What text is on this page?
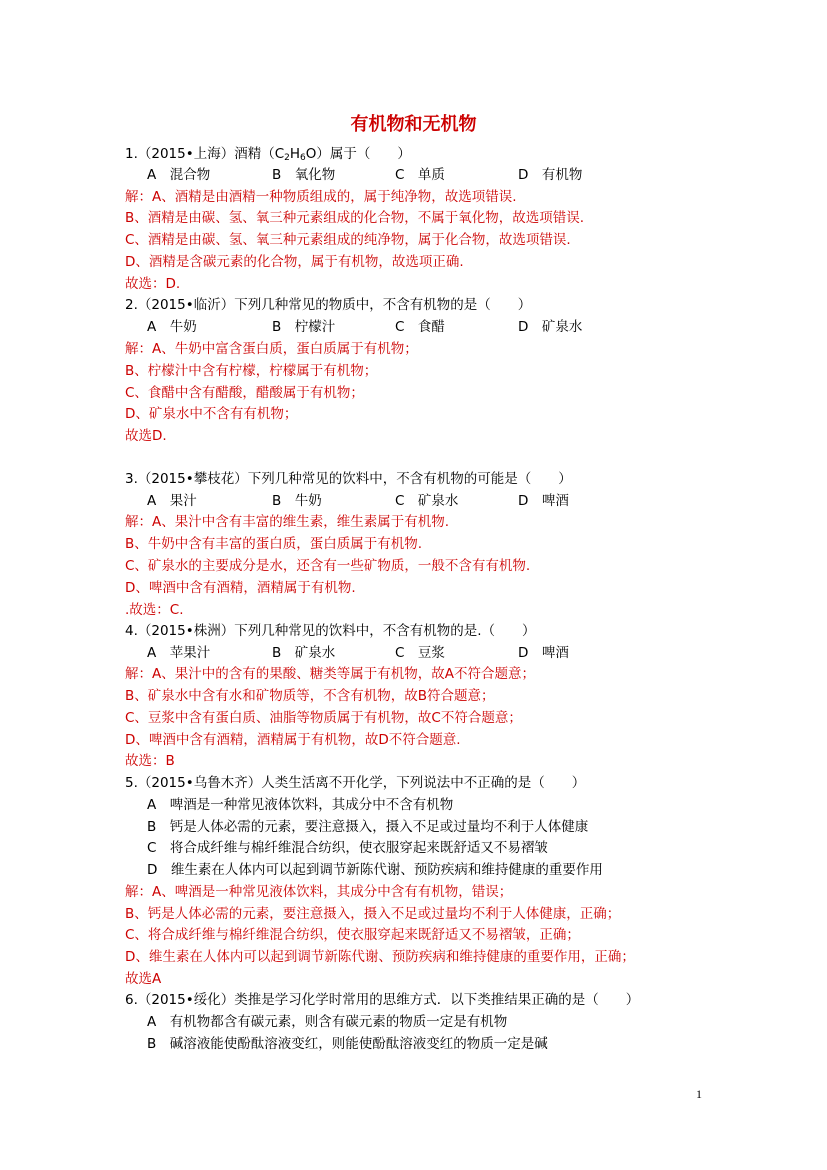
有机物和无机物
1.（2015•上海）酒精$(C_2H_6O)$属于（　　）
A　混合物	B　氧化物	C　单质	D　有机物
解：A、酒精是由酒精一种物质组成的，属于纯净物，故选项错误.
B、酒精是由碳、氢、氧三种元素组成的化合物，不属于氧化物，故选项错误.
C、酒精是由碳、氢、氧三种元素组成的纯净物，属于化合物，故选项错误.
D、酒精是含碳元素的化合物，属于有机物，故选项正确.
故选：D.
2.（2015•临沂）下列几种常见的物质中，不含有机物的是（　　）
A　牛奶	B　柠檬汁	C　食醋	D　矿泉水
解：A、牛奶中富含蛋白质，蛋白质属于有机物；
B、柠檬汁中含有柠檬，柠檬属于有机物；
C、食醋中含有醋酸，醋酸属于有机物；
D、矿泉水中不含有有机物；
故选D.
3.（2015•攀枝花）下列几种常见的饮料中，不含有机物的可能是（　　）
A　果汁	B　牛奶	C　矿泉水	D　啤酒
解：A、果汁中含有丰富的维生素，维生素属于有机物.
B、牛奶中含有丰富的蛋白质，蛋白质属于有机物.
C、矿泉水的主要成分是水，还含有一些矿物质，一般不含有有机物.
D、啤酒中含有酒精，酒精属于有机物.
.故选：C.
4.（2015•株洲）下列几种常见的饮料中，不含有机物的是.（　　）
A　苹果汁	B　矿泉水	C　豆浆	D　啤酒
解：A、果汁中的含有的果酸、糖类等属于有机物，故A不符合题意；
B、矿泉水中含有水和矿物质等，不含有机物，故B符合题意；
C、豆浆中含有蛋白质、油脂等物质属于有机物，故C不符合题意；
D、啤酒中含有酒精，酒精属于有机物，故D不符合题意.
故选：B
5.（2015•乌鲁木齐）人类生活离不开化学，下列说法中不正确的是（　　）
A　啤酒是一种常见液体饮料，其成分中不含有机物
B　钙是人体必需的元素，要注意摄入，摄入不足或过量均不利于人体健康
C　将合成纤维与棉纤维混合纺织，使衣服穿起来既舒适又不易褶皱
D　维生素在人体内可以起到调节新陈代谢、预防疾病和维持健康的重要作用
解：A、啤酒是一种常见液体饮料，其成分中含有有机物，错误；
B、钙是人体必需的元素，要注意摄入，摄入不足或过量均不利于人体健康，正确；
C、将合成纤维与棉纤维混合纺织，使衣服穿起来既舒适又不易褶皱，正确；
D、维生素在人体内可以起到调节新陈代谢、预防疾病和维持健康的重要作用，正确；
故选A
6.（2015•绥化）类推是学习化学时常用的思维方式．以下类推结果正确的是（　　）
A　有机物都含有碳元素，则含有碳元素的物质一定是有机物
B　碱溶液能使酚酞溶液变红，则能使酚酞溶液变红的物质一定是碱
1
